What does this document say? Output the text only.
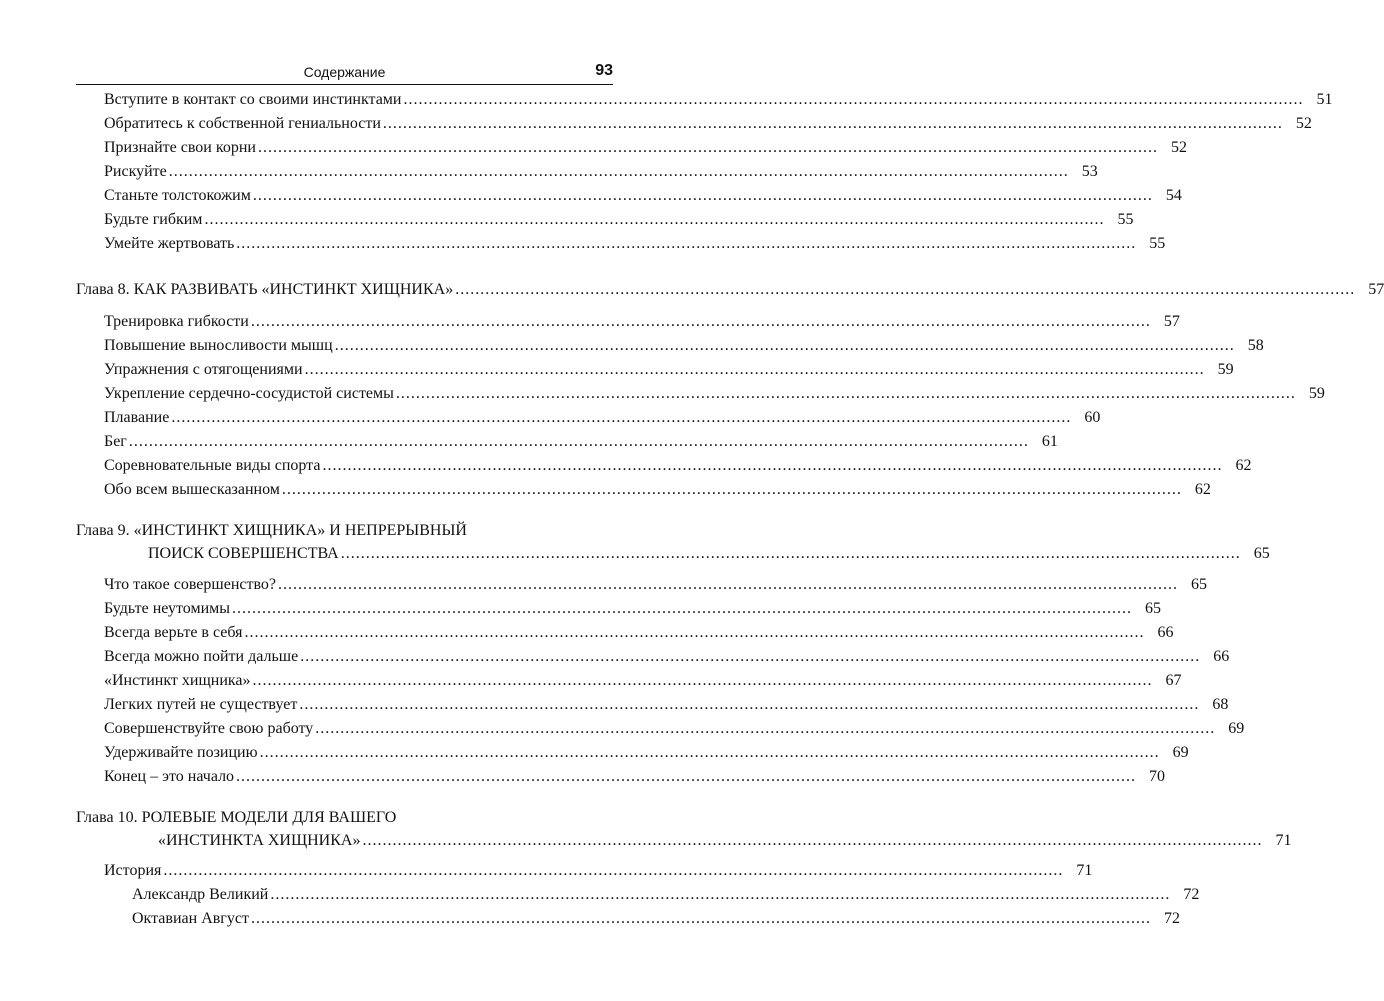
Содержание	93
Вступите в контакт со своими инстинктами .................................................................................................................................................................................... 51
Обратитесь к собственной гениальности .................................................................................................................................................................................... 52
Признайте свои корни .................................................................................................................................................................................... 52
Рискуйте .................................................................................................................................................................................... 53
Станьте толстокожим .................................................................................................................................................................................... 54
Будьте гибким .................................................................................................................................................................................... 55
Умейте жертвовать .................................................................................................................................................................................... 55
Глава 8. КАК РАЗВИВАТЬ «ИНСТИНКТ ХИЩНИКА» .................................................................................................................................................................................... 57
Тренировка гибкости .................................................................................................................................................................................... 57
Повышение выносливости мышц .................................................................................................................................................................................... 58
Упражнения с отягощениями .................................................................................................................................................................................... 59
Укрепление сердечно-сосудистой системы .................................................................................................................................................................................... 59
Плавание .................................................................................................................................................................................... 60
Бег .................................................................................................................................................................................... 61
Соревновательные виды спорта .................................................................................................................................................................................... 62
Обо всем вышесказанном .................................................................................................................................................................................... 62
Глава 9. «ИНСТИНКТ ХИЩНИКА» И НЕПРЕРЫВНЫЙ
ПОИСК СОВЕРШЕНСТВА .................................................................................................................................................................................... 65
Что такое совершенство? .................................................................................................................................................................................... 65
Будьте неутомимы .................................................................................................................................................................................... 65
Всегда верьте в себя .................................................................................................................................................................................... 66
Всегда можно пойти дальше .................................................................................................................................................................................... 66
«Инстинкт хищника» .................................................................................................................................................................................... 67
Легких путей не существует .................................................................................................................................................................................... 68
Совершенствуйте свою работу .................................................................................................................................................................................... 69
Удерживайте позицию .................................................................................................................................................................................... 69
Конец – это начало .................................................................................................................................................................................... 70
Глава 10. РОЛЕВЫЕ МОДЕЛИ ДЛЯ ВАШЕГО
«ИНСТИНКТА ХИЩНИКА» .................................................................................................................................................................................... 71
История .................................................................................................................................................................................... 71
Александр Великий .................................................................................................................................................................................... 72
Октавиан Август .................................................................................................................................................................................... 72
